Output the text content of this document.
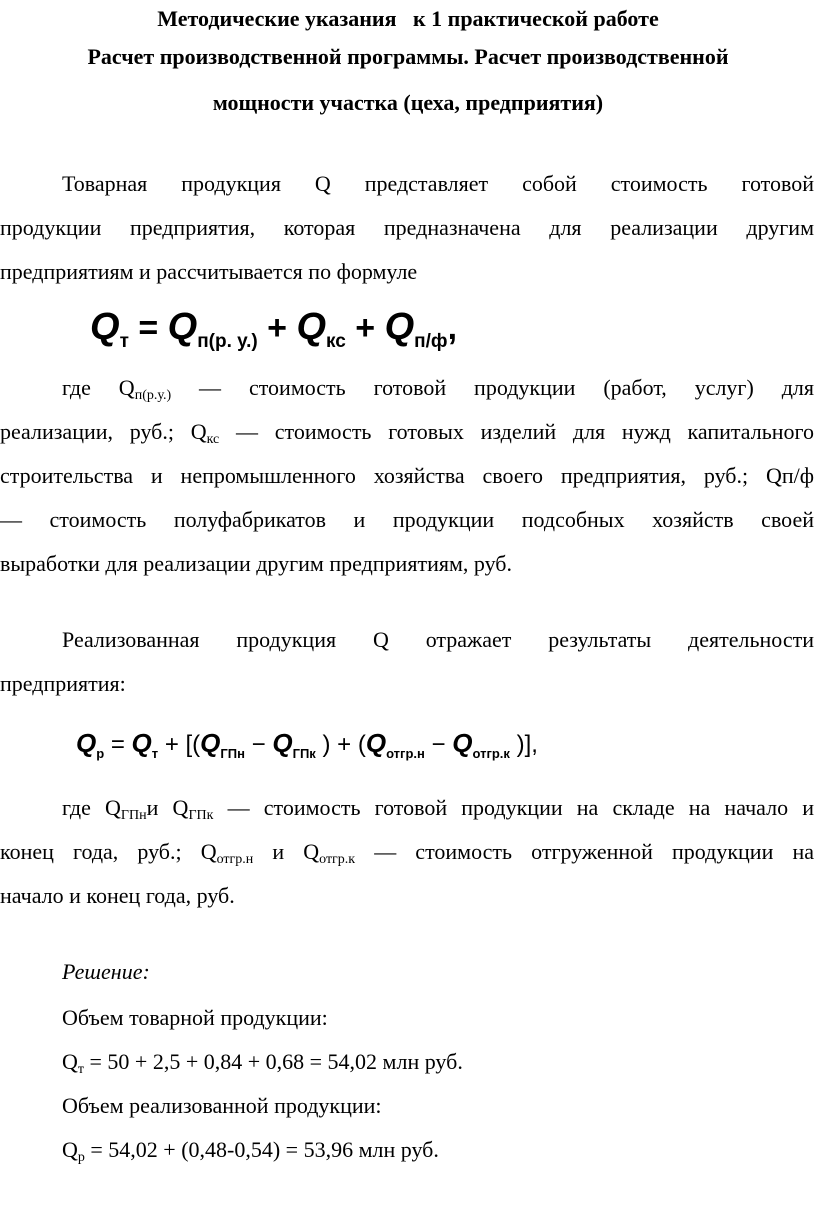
Методические указания   к 1 практической работе
Расчет производственной программы. Расчет производственной
мощности участка (цеха, предприятия)
Товарная продукция Q представляет собой стоимость готовой
продукции предприятия, которая предназначена для реализации другим
предприятиям и рассчитывается по формуле
$Q_т = Q_{п(р. у.)} + Q_{кс} + Q_{п/ф}$,
где $Q_{п(р.у.)}$ — стоимость готовой продукции (работ, услуг) для
реализации, руб.; $Q_{кс}$ — стоимость готовых изделий для нужд капитального
строительства и непромышленного хозяйства своего предприятия, руб.; Qп/ф
— стоимость полуфабрикатов и продукции подсобных хозяйств своей
выработки для реализации другим предприятиям, руб.
Реализованная продукция Q отражает результаты деятельности
предприятия:
$Q_р = Q_т + [(Q_{ГПн} - Q_{ГПк}$ ) + ($Q_{отгр.н} - Q_{отгр.к}$ )],
где $Q_{ГПн}и$ $Q_{ГПк}$ — стоимость готовой продукции на складе на начало и
конец года, руб.; $Q_{отгр.н}$ и $Q_{отгр.к}$ — стоимость отгруженной продукции на
начало и конец года, руб.
Решение:
Объем товарной продукции:
$Q_т = 50 + 2,5 + 0,84 + 0,68 = 54,02$ млн руб.
Объем реализованной продукции:
$Q_р = 54,02 + (0,48-0,54) = 53,96$ млн руб.
